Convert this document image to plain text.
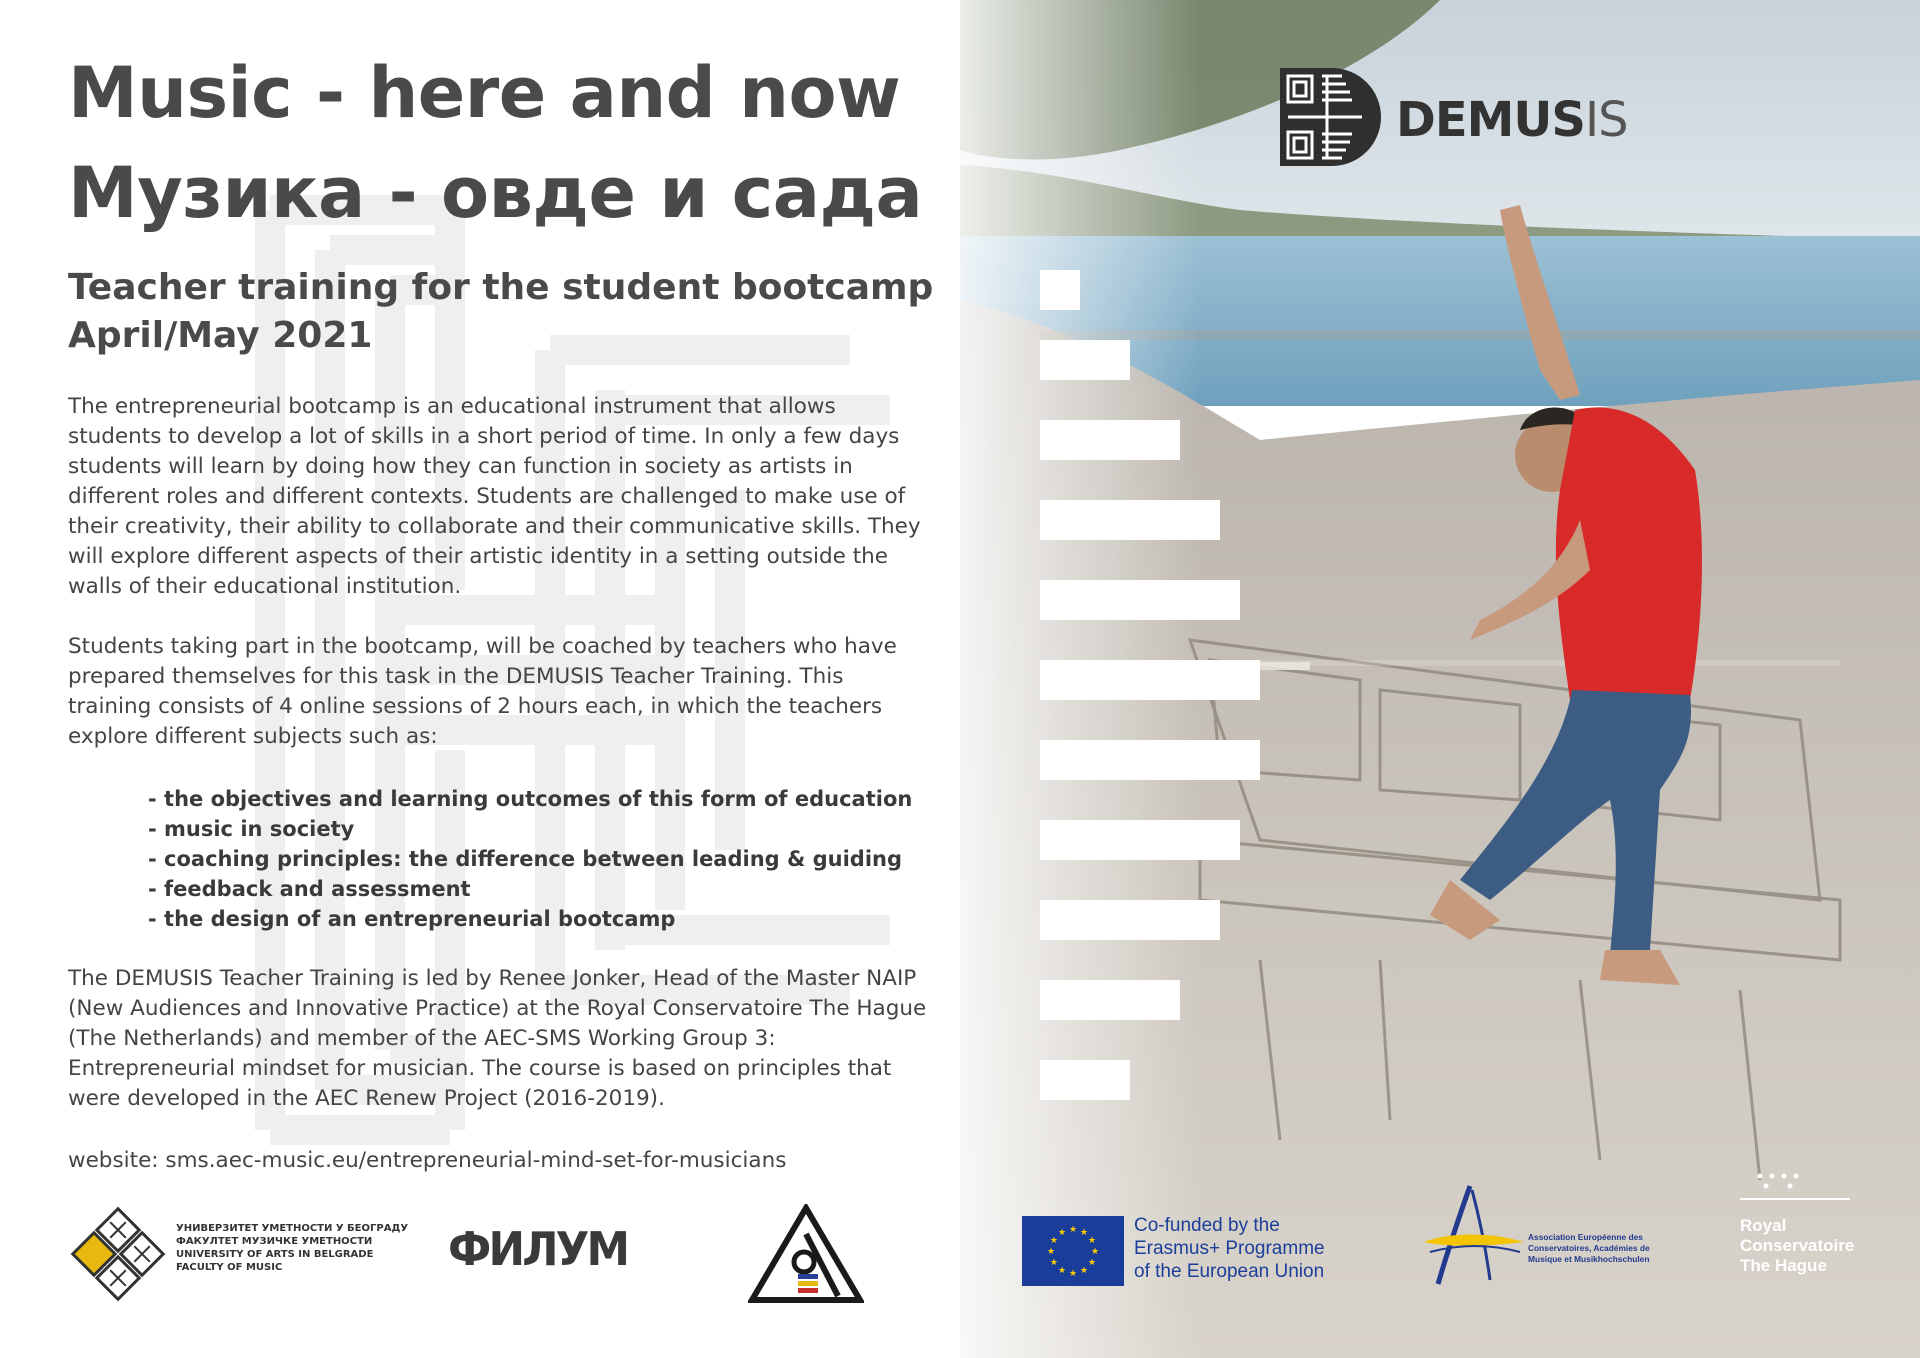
Music - here and now
Музика - овде и сада
Teacher training for the student bootcamp
April/May 2021

The entrepreneurial bootcamp is an educational instrument that allows students to develop a lot of skills in a short period of time. In only a few days students will learn by doing how they can function in society as artists in different roles and different contexts. Students are challenged to make use of their creativity, their ability to collaborate and their communicative skills. They will explore different aspects of their artistic identity in a setting outside the walls of their educational institution.

Students taking part in the bootcamp, will be coached by teachers who have prepared themselves for this task in the DEMUSIS Teacher Training. This training consists of 4 online sessions of 2 hours each, in which the teachers explore different subjects such as:

- the objectives and learning outcomes of this form of education
- music in society
- coaching principles: the difference between leading & guiding
- feedback and assessment
- the design of an entrepreneurial bootcamp

The DEMUSIS Teacher Training is led by Renee Jonker, Head of the Master NAIP (New Audiences and Innovative Practice) at the Royal Conservatoire The Hague (The Netherlands) and member of the AEC-SMS Working Group 3: Entrepreneurial mindset for musician. The course is based on principles that were developed in the AEC Renew Project (2016-2019).

website: sms.aec-music.eu/entrepreneurial-mind-set-for-musicians
УНИВЕРЗИТЕТ УМЕТНОСТИ У БЕОГРАДУ
ФАКУЛТЕТ МУЗИЧКЕ УМЕТНОСТИ
UNIVERSITY OF ARTS IN BELGRADE
FACULTY OF MUSIC	ФИЛУМ
DEMUSIS
★
★
★
★
★
★
★
★
★ ★ ★
★
Co-funded by the
Erasmus+ Programme
of the European Union
Association Européenne des
Conservatoires, Académies de
Musique et Musikhochschulen
Royal
Conservatoire
The Hague
